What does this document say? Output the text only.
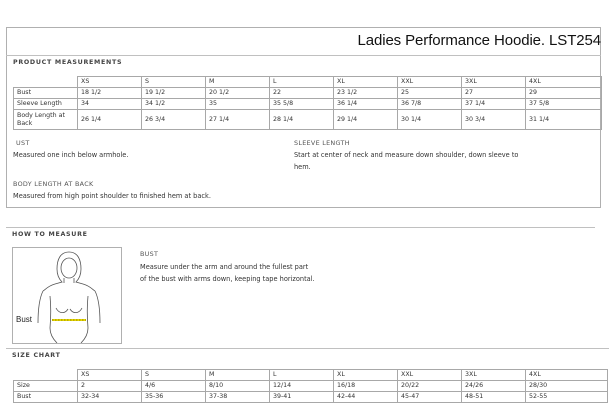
Ladies Performance Hoodie. LST254
PRODUCT MEASUREMENTS
	XS	S	M	L	XL	XXL	3XL	4XL
Bust	18 1/2	19 1/2	20 1/2	22	23 1/2	25	27	29
Sleeve Length	34	34 1/2	35	35 5/8	36 1/4	36 7/8	37 1/4	37 5/8
Body Length at Back	26 1/4	26 3/4	27 1/4	28 1/4	29 1/4	30 1/4	30 3/4	31 1/4
UST
Measured one inch below armhole.
SLEEVE LENGTH
Start at center of neck and measure down shoulder, down sleeve to
hem.
BODY LENGTH AT BACK
Measured from high point shoulder to finished hem at back.
HOW TO MEASURE
Bust
BUST
Measure under the arm and around the fullest part
of the bust with arms down, keeping tape horizontal.
SIZE CHART
	XS	S	M	L	XL	XXL	3XL	4XL
Size	2	4/6	8/10	12/14	16/18	20/22	24/26	28/30
Bust	32-34	35-36	37-38	39-41	42-44	45-47	48-51	52-55
